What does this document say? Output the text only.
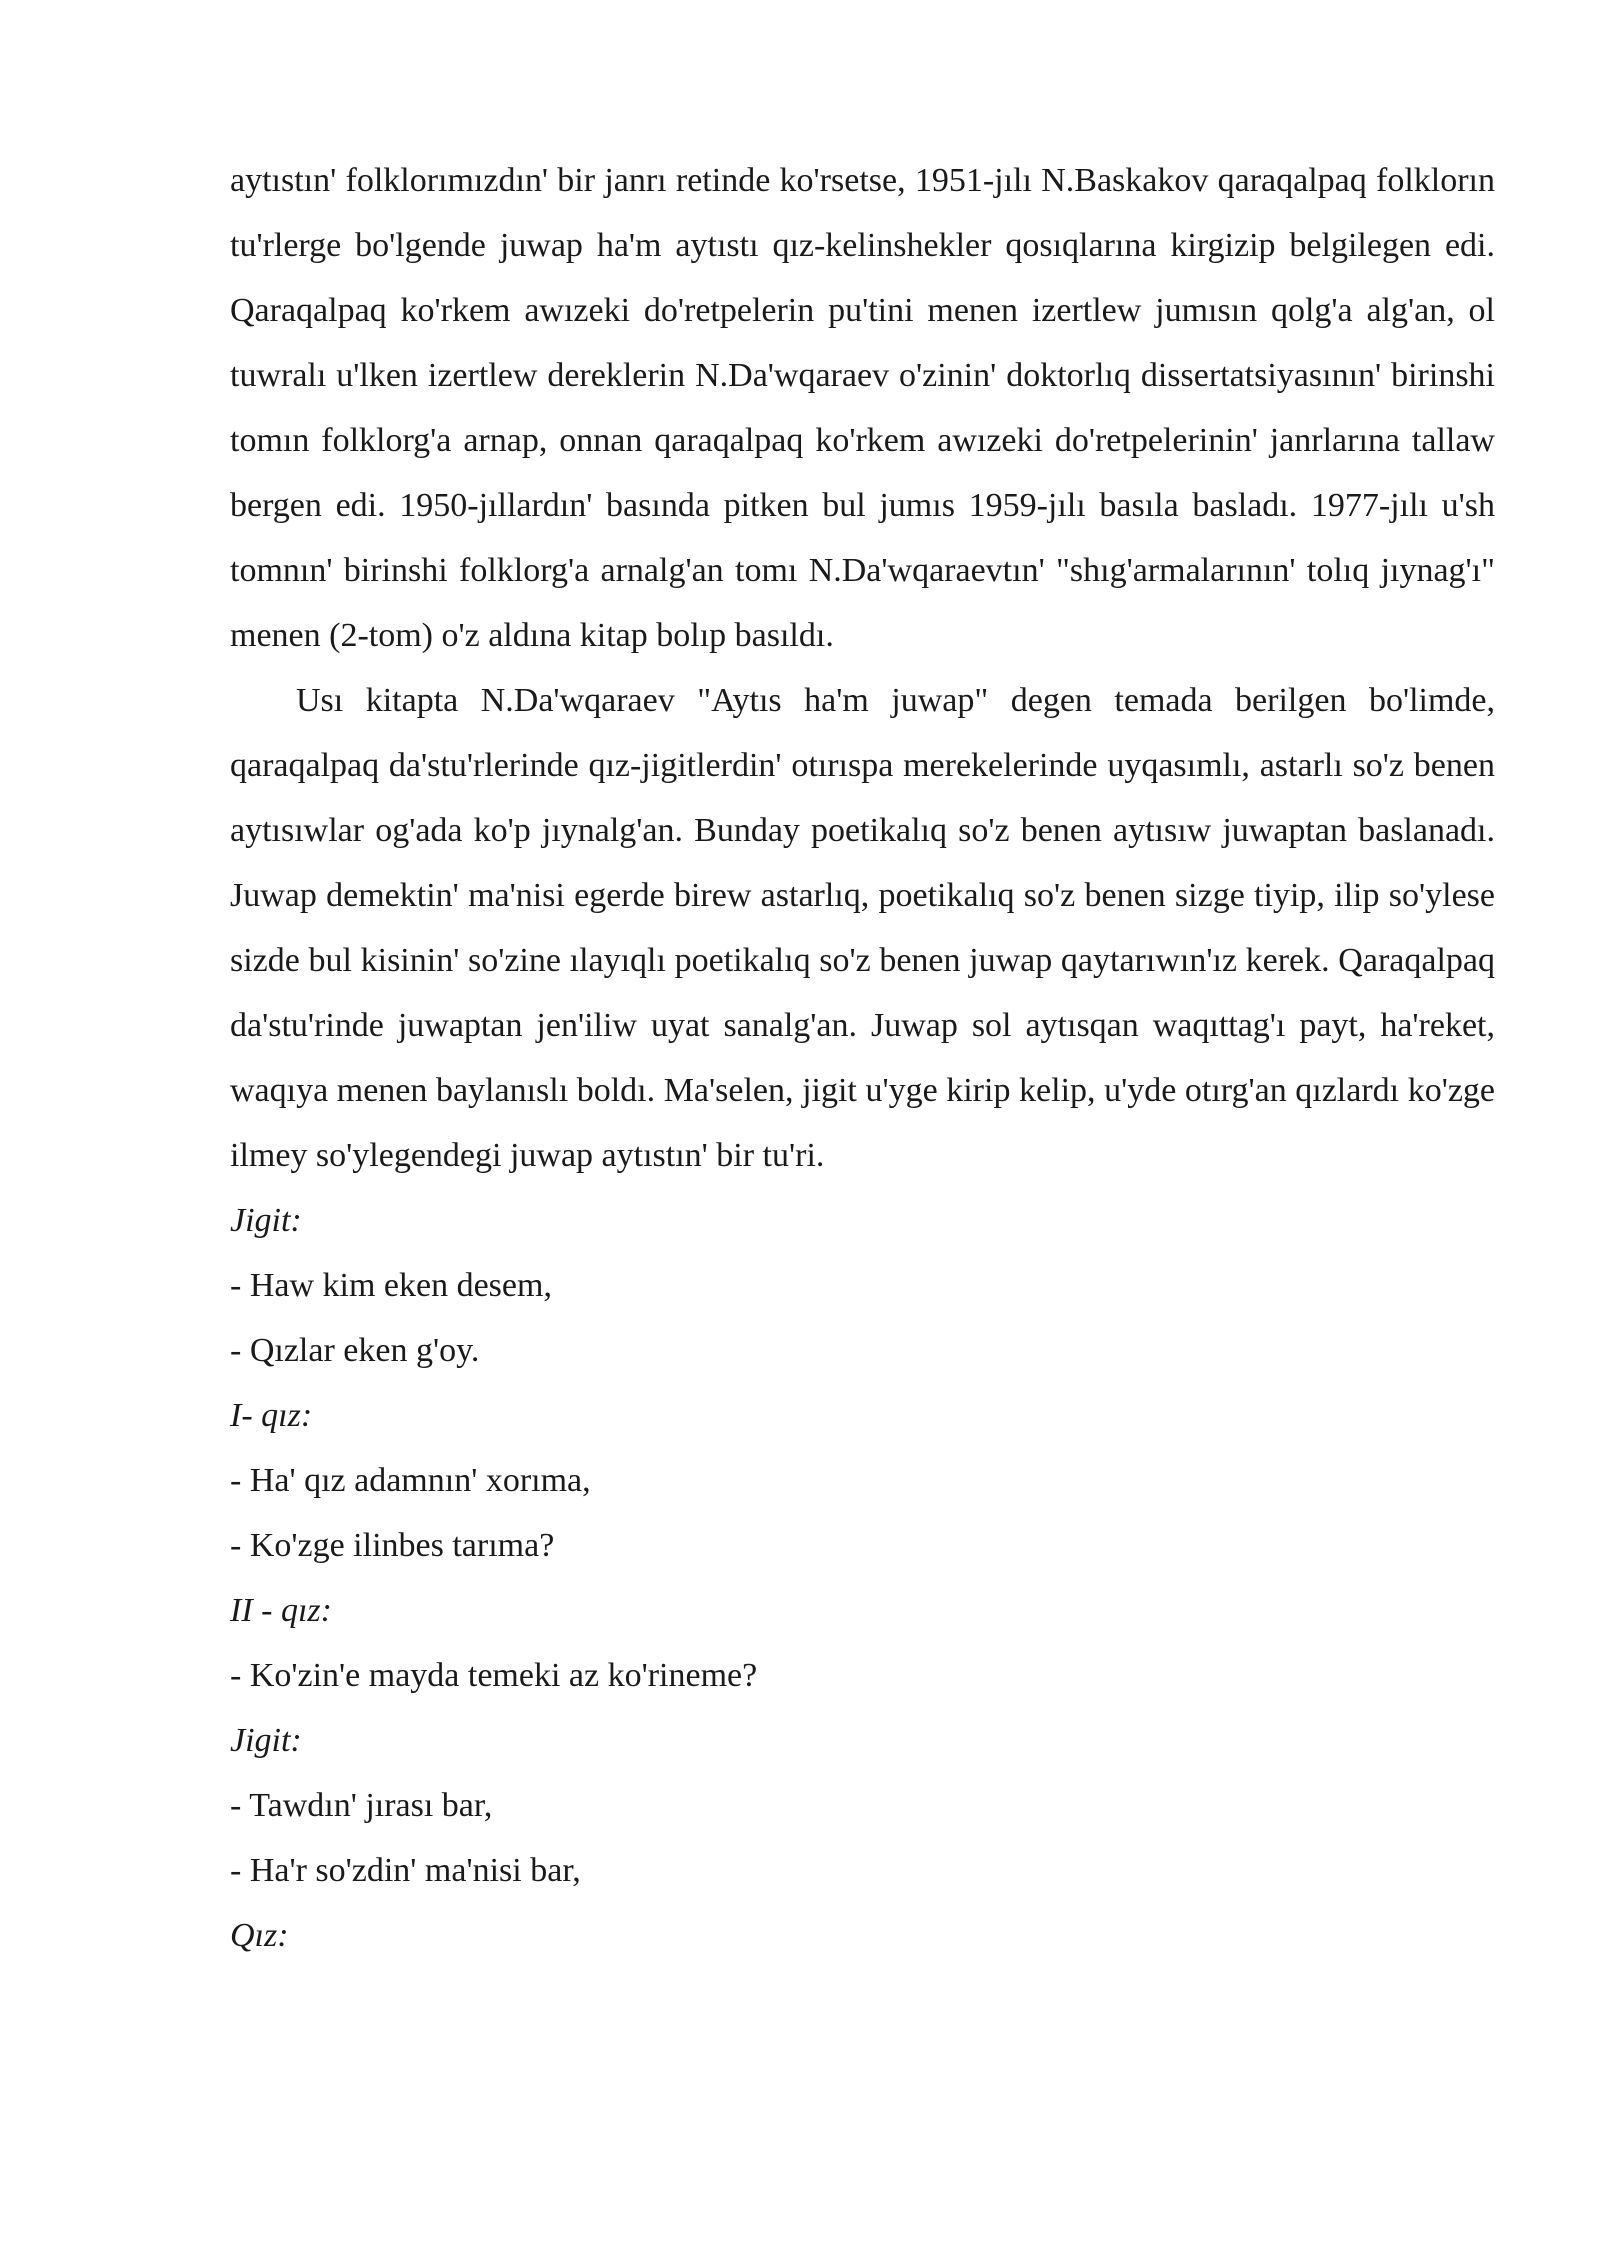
aytıstın' folklorımızdın' bir janrı retinde ko'rsetse, 1951-jılı N.Baskakov qaraqalpaq folklorın tu'rlerge bo'lgende juwap ha'm aytıstı qız-kelinshekler qosıqlarına kirgizip belgilegen edi. Qaraqalpaq ko'rkem awızeki do'retpelerin pu'tini menen izertlew jumısın qolg'a alg'an, ol tuwralı u'lken izertlew dereklerin N.Da'wqaraev o'zinin' doktorlıq dissertatsiyasının' birinshi tomın folklorg'a arnap, onnan qaraqalpaq ko'rkem awızeki do'retpelerinin' janrlarına tallaw bergen edi. 1950-jıllardın' basında pitken bul jumıs 1959-jılı basıla basladı. 1977-jılı u'sh tomnın' birinshi folklorg'a arnalg'an tomı N.Da'wqaraevtın' "shıg'armalarının' tolıq jıynag'ı" menen (2-tom) o'z aldına kitap bolıp basıldı.

Usı kitapta N.Da'wqaraev "Aytıs ha'm juwap" degen temada berilgen bo'limde, qaraqalpaq da'stu'rlerinde qız-jigitlerdin' otırıspa merekelerinde uyqasımlı, astarlı so'z benen aytısıwlar og'ada ko'p jıynalg'an. Bunday poetikalıq so'z benen aytısıw juwaptan baslanadı. Juwap demektin' ma'nisi egerde birew astarlıq, poetikalıq so'z benen sizge tiyip, ilip so'ylese sizde bul kisinin' so'zine ılayıqlı poetikalıq so'z benen juwap qaytarıwın'ız kerek. Qaraqalpaq da'stu'rinde juwaptan jen'iliw uyat sanalg'an. Juwap sol aytısqan waqıttag'ı payt, ha'reket, waqıya menen baylanıslı boldı. Ma'selen, jigit u'yge kirip kelip, u'yde otırg'an qızlardı ko'zge ilmey so'ylegendegi juwap aytıstın' bir tu'ri.

Jigit:

- Haw kim eken desem,

- Qızlar eken g'oy.

I- qız:

- Ha' qız adamnın' xorıma,

- Ko'zge ilinbes tarıma?

II - qız:

- Ko'zin'e mayda temeki az ko'rineme?

Jigit:

- Tawdın' jırası bar,

- Ha'r so'zdin' ma'nisi bar,

Qız:
